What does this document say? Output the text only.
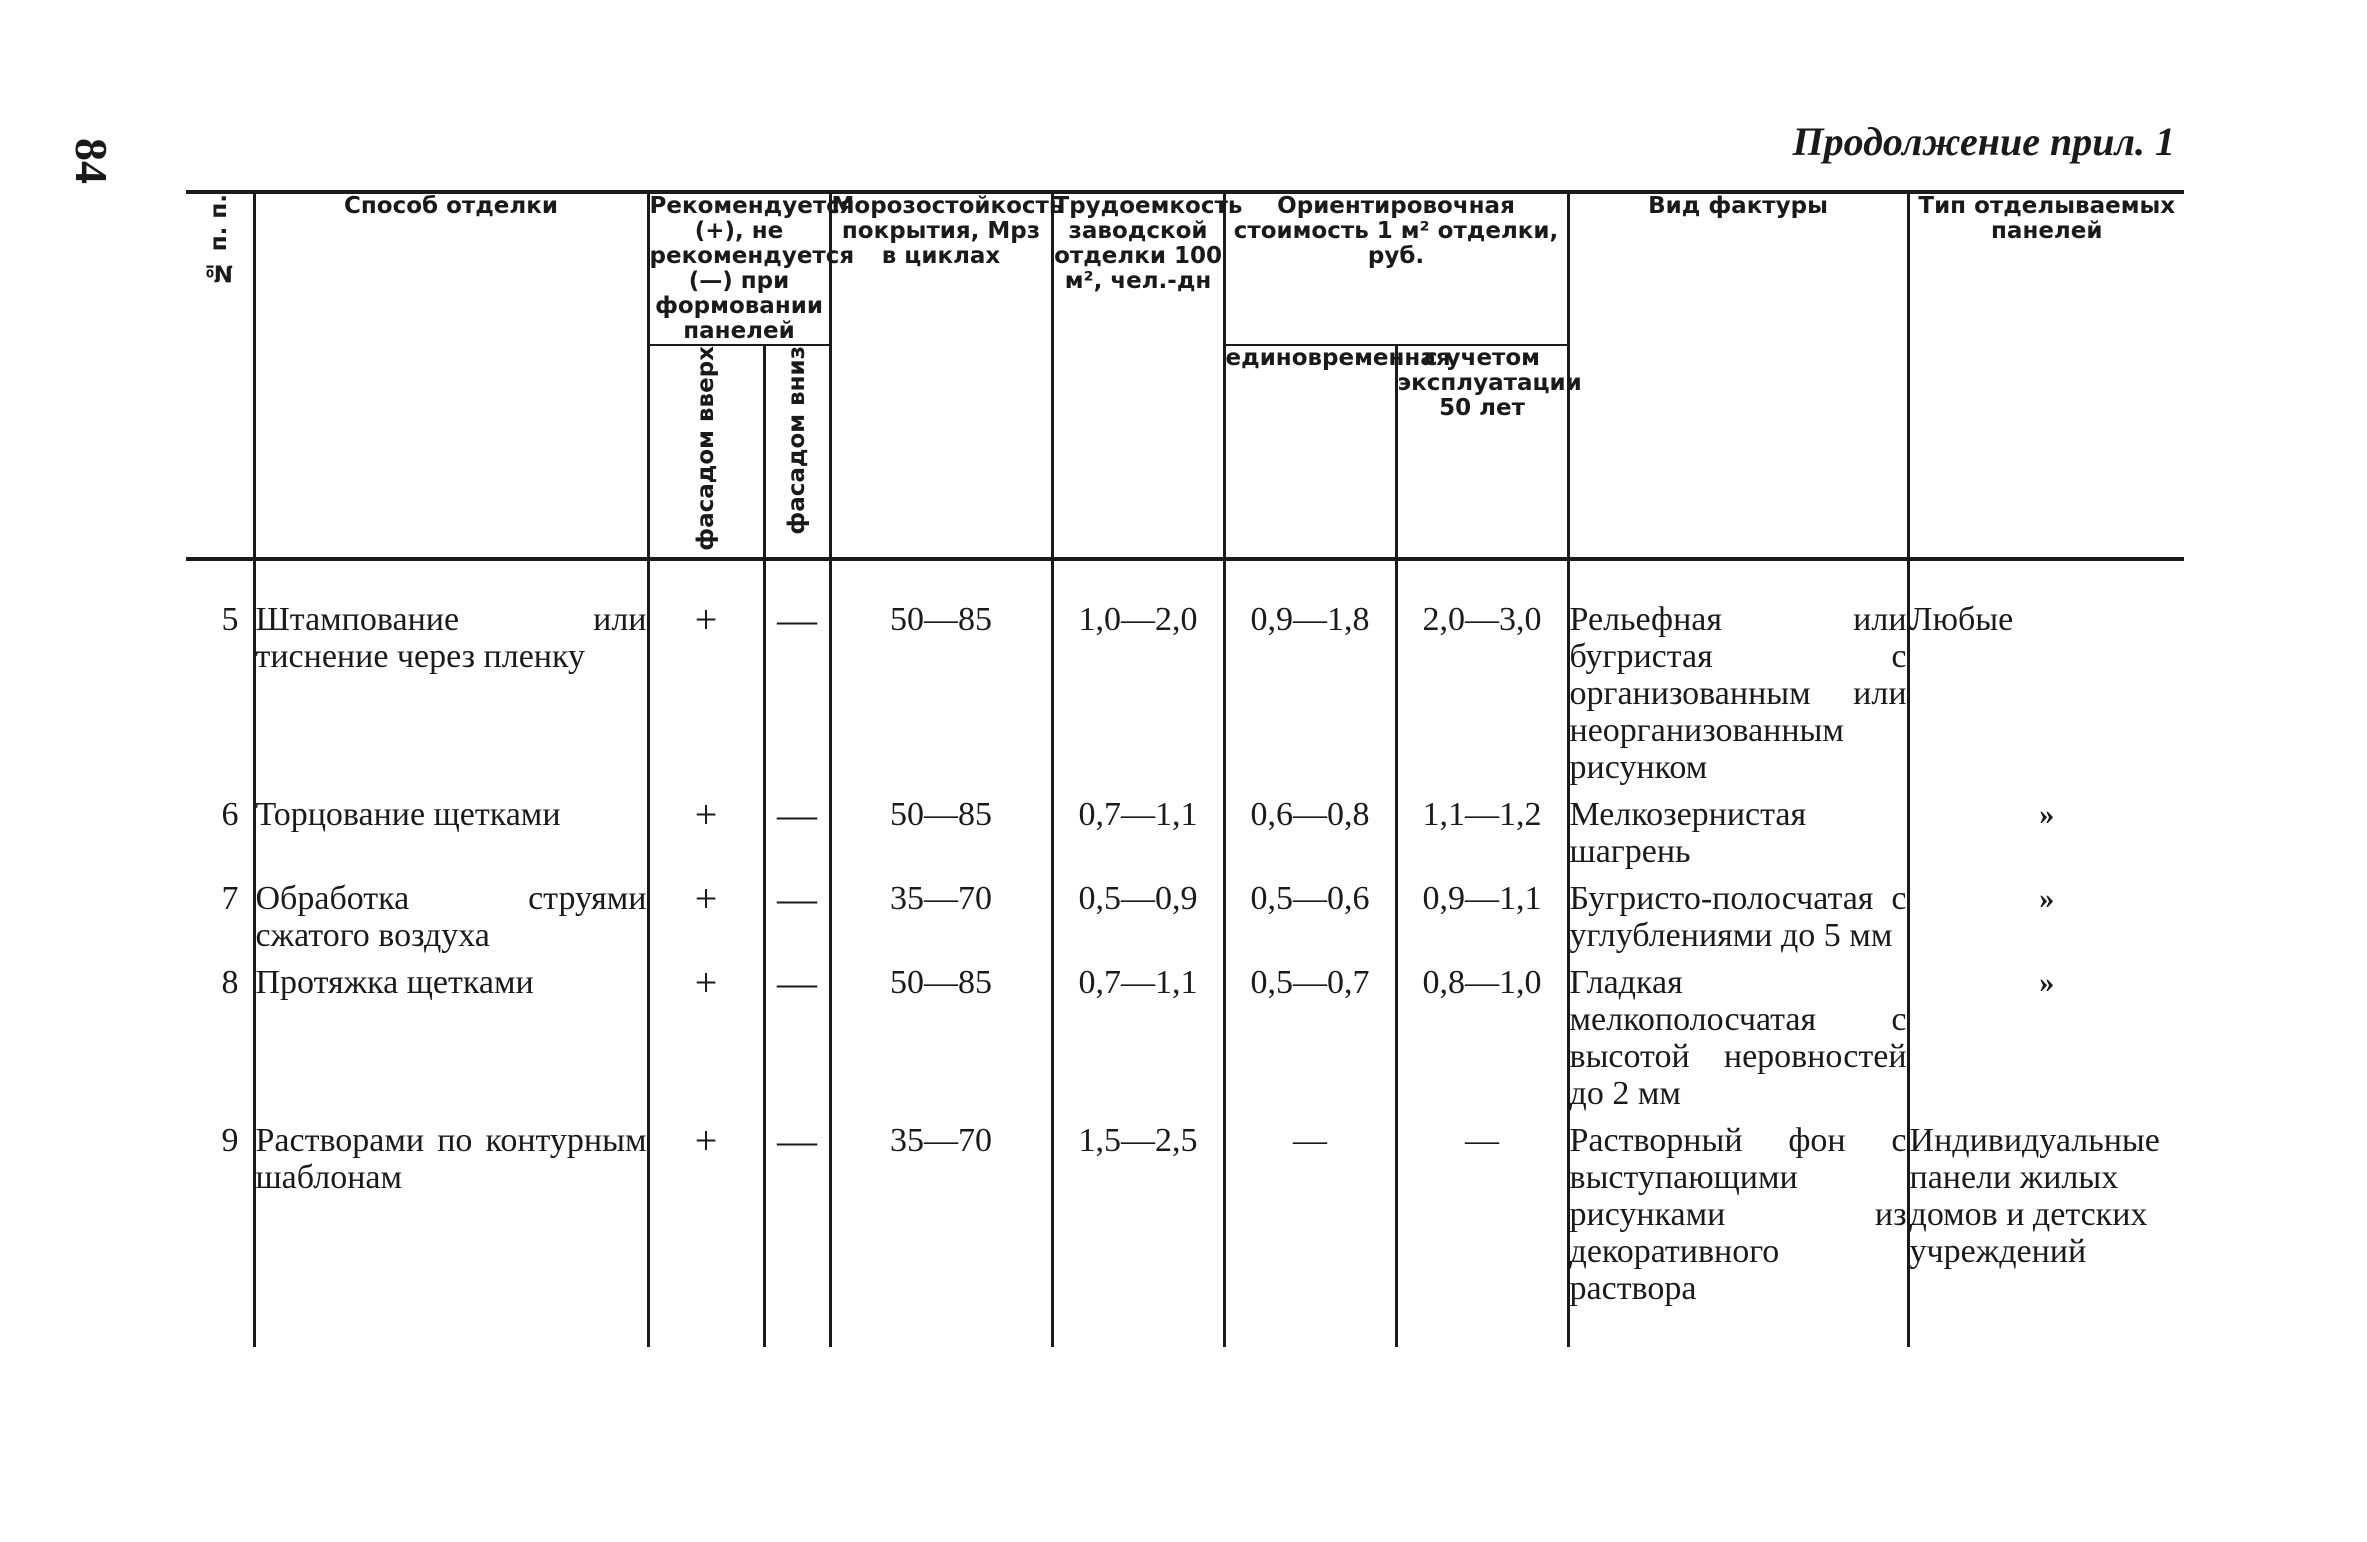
84	Продолжение прил. 1
№ п. п.	Способ отделки	Рекомендуется (+), не рекомендуется (—) при формовании панелей		Морозостойкость покрытия, Мрз в циклах	Трудоемкость заводской отделки 100 м², чел.-дн	Ориентировочная стоимость 1 м² отделки, руб.		Вид фактуры	Тип отделываемых панелей
		фасадом вверх	фасадом вниз			единовременная	с учетом эксплуатации 50 лет		

5	Штампование или тиснение через пленку	+	—	50—85	1,0—2,0	0,9—1,8	2,0—3,0	Рельефная или бугристая с организованным или неорганизованным рисунком	Любые
6	Торцование щетками	+	—	50—85	0,7—1,1	0,6—0,8	1,1—1,2	Мелкозернистая шагрень	»
7	Обработка струями сжатого воздуха	+	—	35—70	0,5—0,9	0,5—0,6	0,9—1,1	Бугристо-полосчатая с углублениями до 5 мм	»
8	Протяжка щетками	+	—	50—85	0,7—1,1	0,5—0,7	0,8—1,0	Гладкая мелкополосчатая с высотой неровностей до 2 мм	»
9	Растворами по контурным шаблонам	+	—	35—70	1,5—2,5	—	—	Растворный фон с выступающими рисунками из декоративного раствора	Индивидуальные панели жилых домов и детских учреждений
